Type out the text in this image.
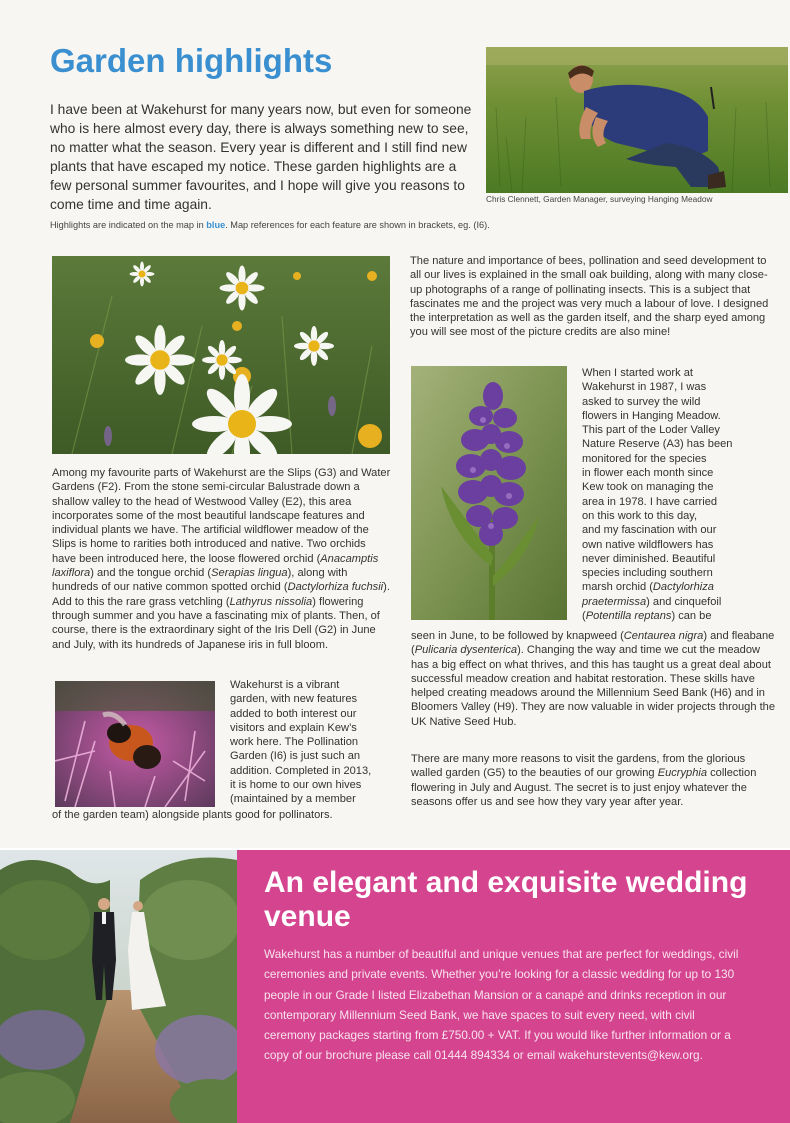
Garden highlights

I have been at Wakehurst for many years now, but even for someone who is here almost every day, there is always something new to see, no matter what the season. Every year is different and I still find new plants that have escaped my notice. These garden highlights are a few personal summer favourites, and I hope will give you reasons to come time and time again.	Chris Clennett, Garden Manager, surveying Hanging Meadow

Highlights are indicated on the map in blue. Map references for each feature are shown in brackets, eg. (I6).

Among my favourite parts of Wakehurst are the Slips (G3) and Water Gardens (F2). From the stone semi-circular Balustrade down a shallow valley to the head of Westwood Valley (E2), this area incorporates some of the most beautiful landscape features and individual plants we have. The artificial wildflower meadow of the Slips is home to rarities both introduced and native. Two orchids have been introduced here, the loose flowered orchid (Anacamptis laxiflora) and the tongue orchid (Serapias lingua), along with hundreds of our native common spotted orchid (Dactylorhiza fuchsii). Add to this the rare grass vetchling (Lathyrus nissolia) flowering through summer and you have a fascinating mix of plants. Then, of course, there is the extraordinary sight of the Iris Dell (G2) in June and July, with its hundreds of Japanese iris in full bloom.

Wakehurst is a vibrant
garden, with new features
added to both interest our
visitors and explain Kew’s
work here. The Pollination
Garden (I6) is just such an
addition. Completed in 2013,
it is home to our own hives
(maintained by a member

of the garden team) alongside plants good for pollinators.

The nature and importance of bees, pollination and seed development to all our lives is explained in the small oak building, along with many close-up photographs of a range of pollinating insects. This is a subject that fascinates me and the project was very much a labour of love. I designed the interpretation as well as the garden itself, and the sharp eyed among you will see most of the picture credits are also mine!

When I started work at
Wakehurst in 1987, I was
asked to survey the wild
flowers in Hanging Meadow.
This part of the Loder Valley
Nature Reserve (A3) has been
monitored for the species
in flower each month since
Kew took on managing the
area in 1978. I have carried
on this work to this day,
and my fascination with our
own native wildflowers has
never diminished. Beautiful
species including southern
marsh orchid (Dactylorhiza
praetermissa) and cinquefoil
(Potentilla reptans) can be

seen in June, to be followed by knapweed (Centaurea nigra) and fleabane (Pulicaria dysenterica). Changing the way and time we cut the meadow has a big effect on what thrives, and this has taught us a great deal about successful meadow creation and habitat restoration. These skills have helped creating meadows around the Millennium Seed Bank (H6) and in Bloomers Valley (H9). They are now valuable in wider projects through the UK Native Seed Hub.

There are many more reasons to visit the gardens, from the glorious walled garden (G5) to the beauties of our growing Eucryphia collection flowering in July and August. The secret is to just enjoy whatever the seasons offer us and see how they vary year after year.

An elegant and exquisite wedding venue

Wakehurst has a number of beautiful and unique venues that are perfect for weddings, civil ceremonies and private events. Whether you’re looking for a classic wedding for up to 130 people in our Grade I listed Elizabethan Mansion or a canapé and drinks reception in our contemporary Millennium Seed Bank, we have spaces to suit every need, with civil ceremony packages starting from £750.00 + VAT. If you would like further information or a copy of our brochure please call 01444 894334 or email wakehurstevents@kew.org.
